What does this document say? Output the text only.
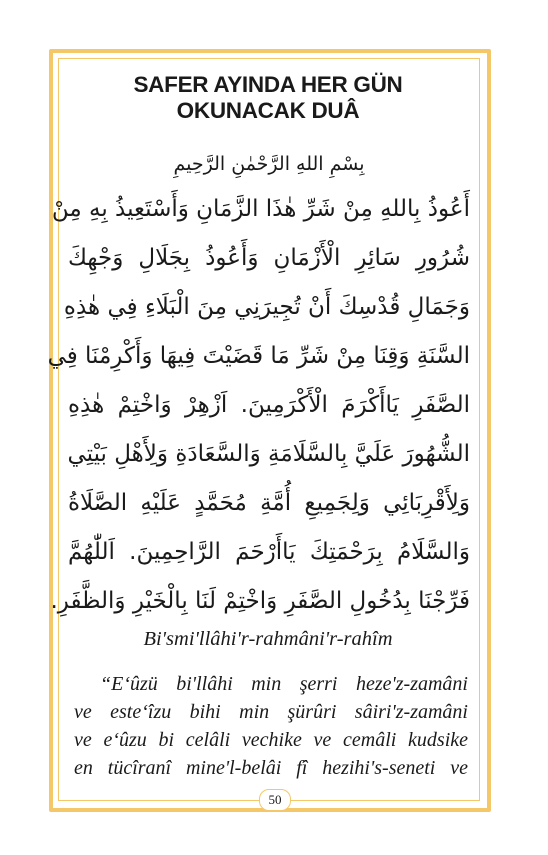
SAFER AYINDA HER GÜN
OKUNACAK DUÂ
بِسْمِ اللهِ الرَّحْمٰنِ الرَّحِيمِ
أَعُوذُ بِاللهِ مِنْ شَرِّ هٰذَا الزَّمَانِ وَأَسْتَعِيذُ بِهِ مِنْ
شُرُورِ سَائِرِ الْأَزْمَانِ وَأَعُوذُ بِجَلَالِ وَجْهِكَ
وَجَمَالِ قُدْسِكَ أَنْ تُجِيرَنِي مِنَ الْبَلَاءِ فِي هٰذِهِ
السَّنَةِ وَقِنَا مِنْ شَرِّ مَا قَضَيْتَ فِيهَا وَأَكْرِمْنَا فِي
الصَّفَرِ يَاأَكْرَمَ الْأَكْرَمِينَ. اَزْهِرْ وَاخْتِمْ هٰذِهِ
الشُّهُورَ عَلَيَّ بِالسَّلَامَةِ وَالسَّعَادَةِ وَلِأَهْلِ بَيْتِي
وَلِأَقْرِبَائِي وَلِجَمِيعِ أُمَّةِ مُحَمَّدٍ عَلَيْهِ الصَّلَاةُ
وَالسَّلَامُ بِرَحْمَتِكَ يَاأَرْحَمَ الرَّاحِمِينَ. اَللّٰهُمَّ
فَرِّجْنَا بِدُخُولِ الصَّفَرِ وَاخْتِمْ لَنَا بِالْخَيْرِ وَالظَّفَرِ.
Bi'smi'llâhi'r-rahmâni'r-rahîm
“E‘ûzü bi'llâhi min şerri heze'z-zamâni
ve este‘îzu bihi min şürûri sâiri'z-zamâni
ve e‘ûzu bi celâli vechike ve cemâli kudsike
en tücîranî mine'l-belâi fî hezihi's-seneti ve
50
